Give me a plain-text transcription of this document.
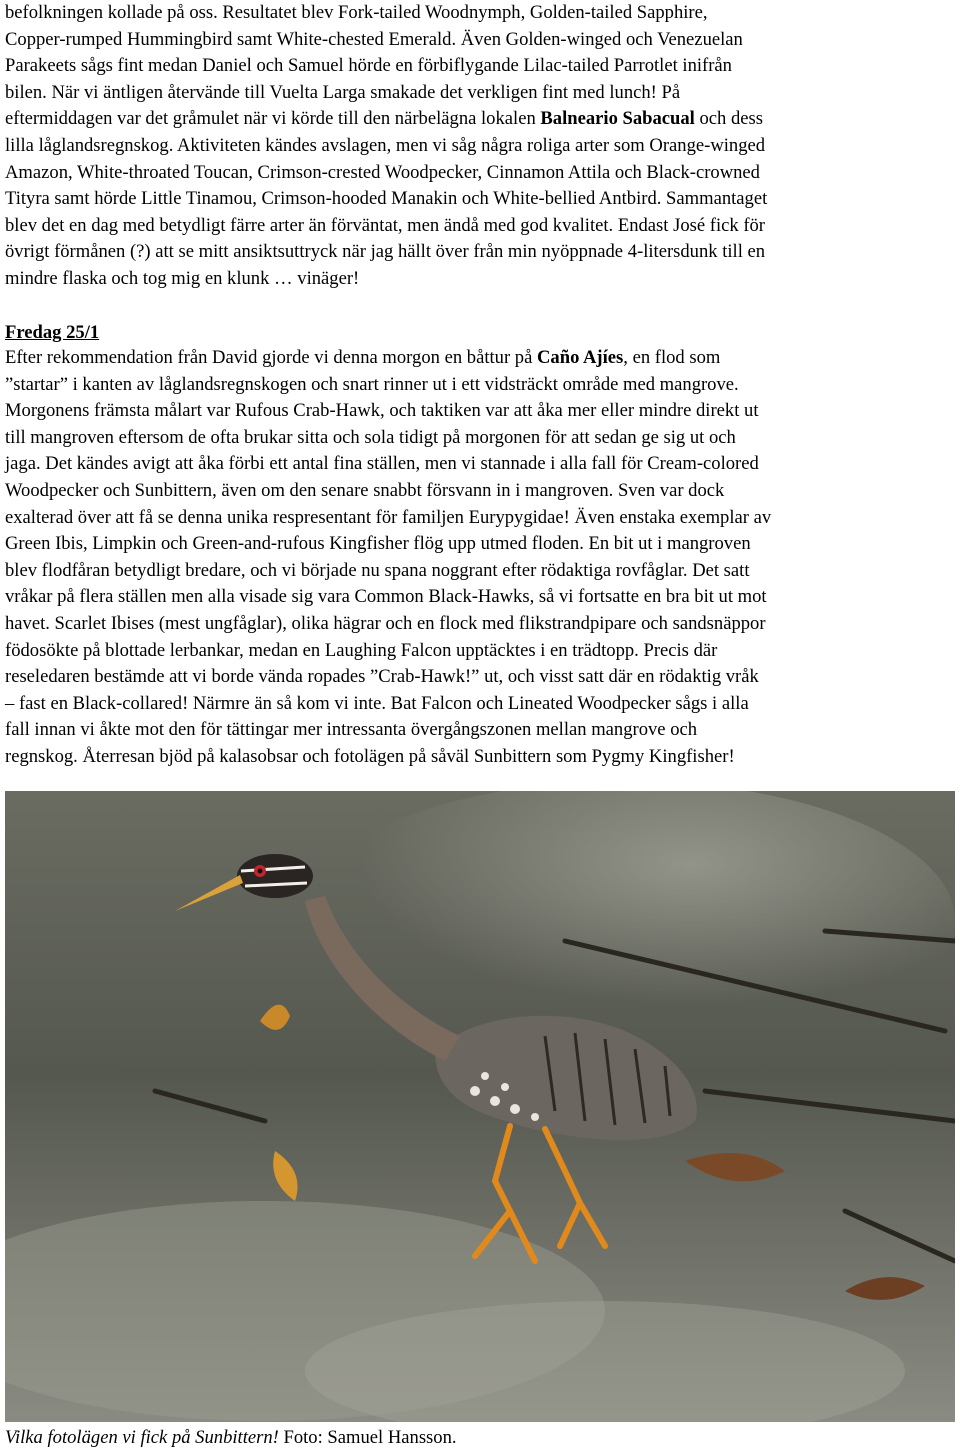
befolkningen kollade på oss. Resultatet blev Fork-tailed Woodnymph, Golden-tailed Sapphire,
Copper-rumped Hummingbird samt White-chested Emerald. Även Golden-winged och Venezuelan
Parakeets sågs fint medan Daniel och Samuel hörde en förbiflygande Lilac-tailed Parrotlet inifrån
bilen. När vi äntligen återvände till Vuelta Larga smakade det verkligen fint med lunch! På
eftermiddagen var det gråmulet när vi körde till den närbelägna lokalen Balneario Sabacual och dess
lilla låglandsregnskog. Aktiviteten kändes avslagen, men vi såg några roliga arter som Orange-winged
Amazon, White-throated Toucan, Crimson-crested Woodpecker, Cinnamon Attila och Black-crowned
Tityra samt hörde Little Tinamou, Crimson-hooded Manakin och White-bellied Antbird. Sammantaget
blev det en dag med betydligt färre arter än förväntat, men ändå med god kvalitet. Endast José fick för
övrigt förmånen (?) att se mitt ansiktsuttryck när jag hällt över från min nyöppnade 4-litersdunk till en
mindre flaska och tog mig en klunk … vinäger!

Fredag 25/1

Efter rekommendation från David gjorde vi denna morgon en båttur på Caño Ajíes, en flod som
”startar” i kanten av låglandsregnskogen och snart rinner ut i ett vidsträckt område med mangrove.
Morgonens främsta målart var Rufous Crab-Hawk, och taktiken var att åka mer eller mindre direkt ut
till mangroven eftersom de ofta brukar sitta och sola tidigt på morgonen för att sedan ge sig ut och
jaga. Det kändes avigt att åka förbi ett antal fina ställen, men vi stannade i alla fall för Cream-colored
Woodpecker och Sunbittern, även om den senare snabbt försvann in i mangroven. Sven var dock
exalterad över att få se denna unika respresentant för familjen Eurypygidae! Även enstaka exemplar av
Green Ibis, Limpkin och Green-and-rufous Kingfisher flög upp utmed floden. En bit ut i mangroven
blev flodfåran betydligt bredare, och vi började nu spana noggrant efter rödaktiga rovfåglar. Det satt
vråkar på flera ställen men alla visade sig vara Common Black-Hawks, så vi fortsatte en bra bit ut mot
havet. Scarlet Ibises (mest ungfåglar), olika hägrar och en flock med flikstrandpipare och sandsnäppor
födosökte på blottade lerbankar, medan en Laughing Falcon upptäcktes i en trädtopp. Precis där
reseledaren bestämde att vi borde vända ropades ”Crab-Hawk!” ut, och visst satt där en rödaktig vråk
– fast en Black-collared! Närmre än så kom vi inte. Bat Falcon och Lineated Woodpecker sågs i alla
fall innan vi åkte mot den för tättingar mer intressanta övergångszonen mellan mangrove och
regnskog. Återresan bjöd på kalasobsar och fotolägen på såväl Sunbittern som Pygmy Kingfisher!

Vilka fotolägen vi fick på Sunbittern! Foto: Samuel Hansson.
